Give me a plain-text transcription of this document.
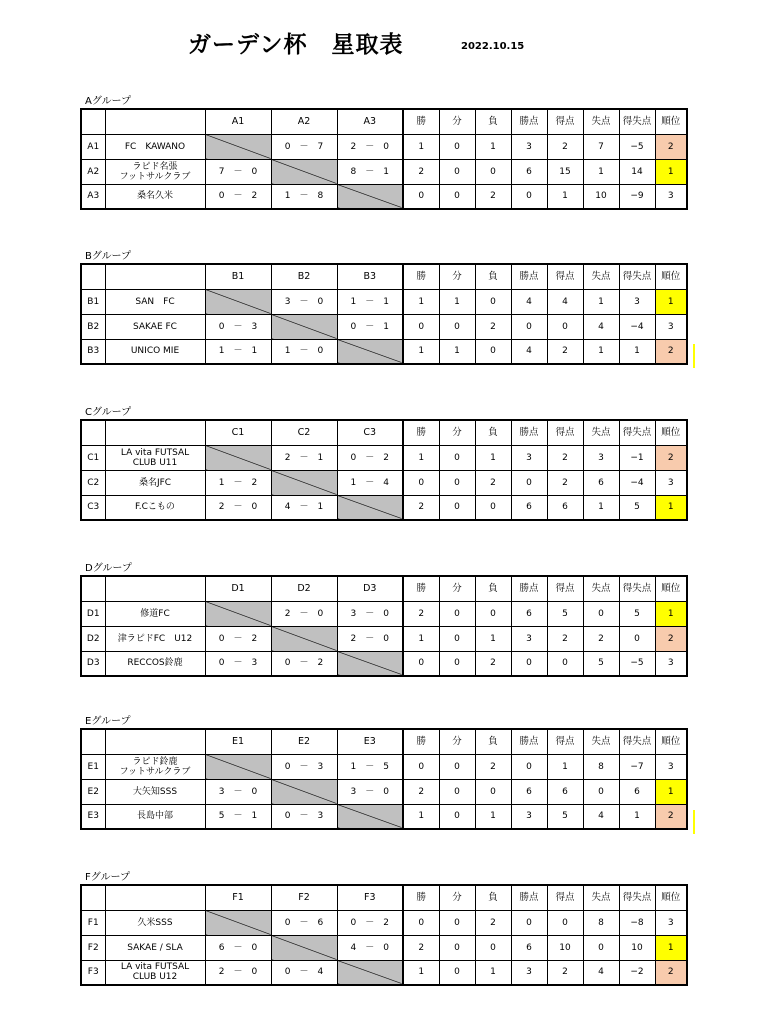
ガーデン杯　星取表	2022.10.15
Aグループ
		A1	A2	A3	勝	分	負	勝点	得点	失点	得失点	順位
A1	FC　KAWANO		0　－　7	2　－　0	1	0	1	3	2	7	−5	2
A2	ラピド名張
フットサルクラブ	7　－　0		8　－　1	2	0	0	6	15	1	14	1
A3	桑名久米	0　－　2	1　－　8		0	0	2	0	1	10	−9	3
Bグループ
		B1	B2	B3	勝	分	負	勝点	得点	失点	得失点	順位
B1	SAN　FC		3　－　0	1　－　1	1	1	0	4	4	1	3	1
B2	SAKAE FC	0　－　3		0　－　1	0	0	2	0	0	4	−4	3
B3	UNICO MIE	1　－　1	1　－　0		1	1	0	4	2	1	1	2
Cグループ
		C1	C2	C3	勝	分	負	勝点	得点	失点	得失点	順位
C1	LA vita FUTSAL
CLUB U11		2　－　1	0　－　2	1	0	1	3	2	3	−1	2
C2	桑名JFC	1　－　2		1　－　4	0	0	2	0	2	6	−4	3
C3	F.Cこもの	2　－　0	4　－　1		2	0	0	6	6	1	5	1
Dグループ
		D1	D2	D3	勝	分	負	勝点	得点	失点	得失点	順位
D1	修道FC		2　－　0	3　－　0	2	0	0	6	5	0	5	1
D2	津ラピドFC　U12	0　－　2		2　－　0	1	0	1	3	2	2	0	2
D3	RECCOS鈴鹿	0　－　3	0　－　2		0	0	2	0	0	5	−5	3
Eグループ
		E1	E2	E3	勝	分	負	勝点	得点	失点	得失点	順位
E1	ラピド鈴鹿
フットサルクラブ		0　－　3	1　－　5	0	0	2	0	1	8	−7	3
E2	大矢知SSS	3　－　0		3　－　0	2	0	0	6	6	0	6	1
E3	長島中部	5　－　1	0　－　3		1	0	1	3	5	4	1	2
Fグループ
		F1	F2	F3	勝	分	負	勝点	得点	失点	得失点	順位
F1	久米SSS		0　－　6	0　－　2	0	0	2	0	0	8	−8	3
F2	SAKAE / SLA	6　－　0		4　－　0	2	0	0	6	10	0	10	1
F3	LA vita FUTSAL
CLUB U12	2　－　0	0　－　4		1	0	1	3	2	4	−2	2
